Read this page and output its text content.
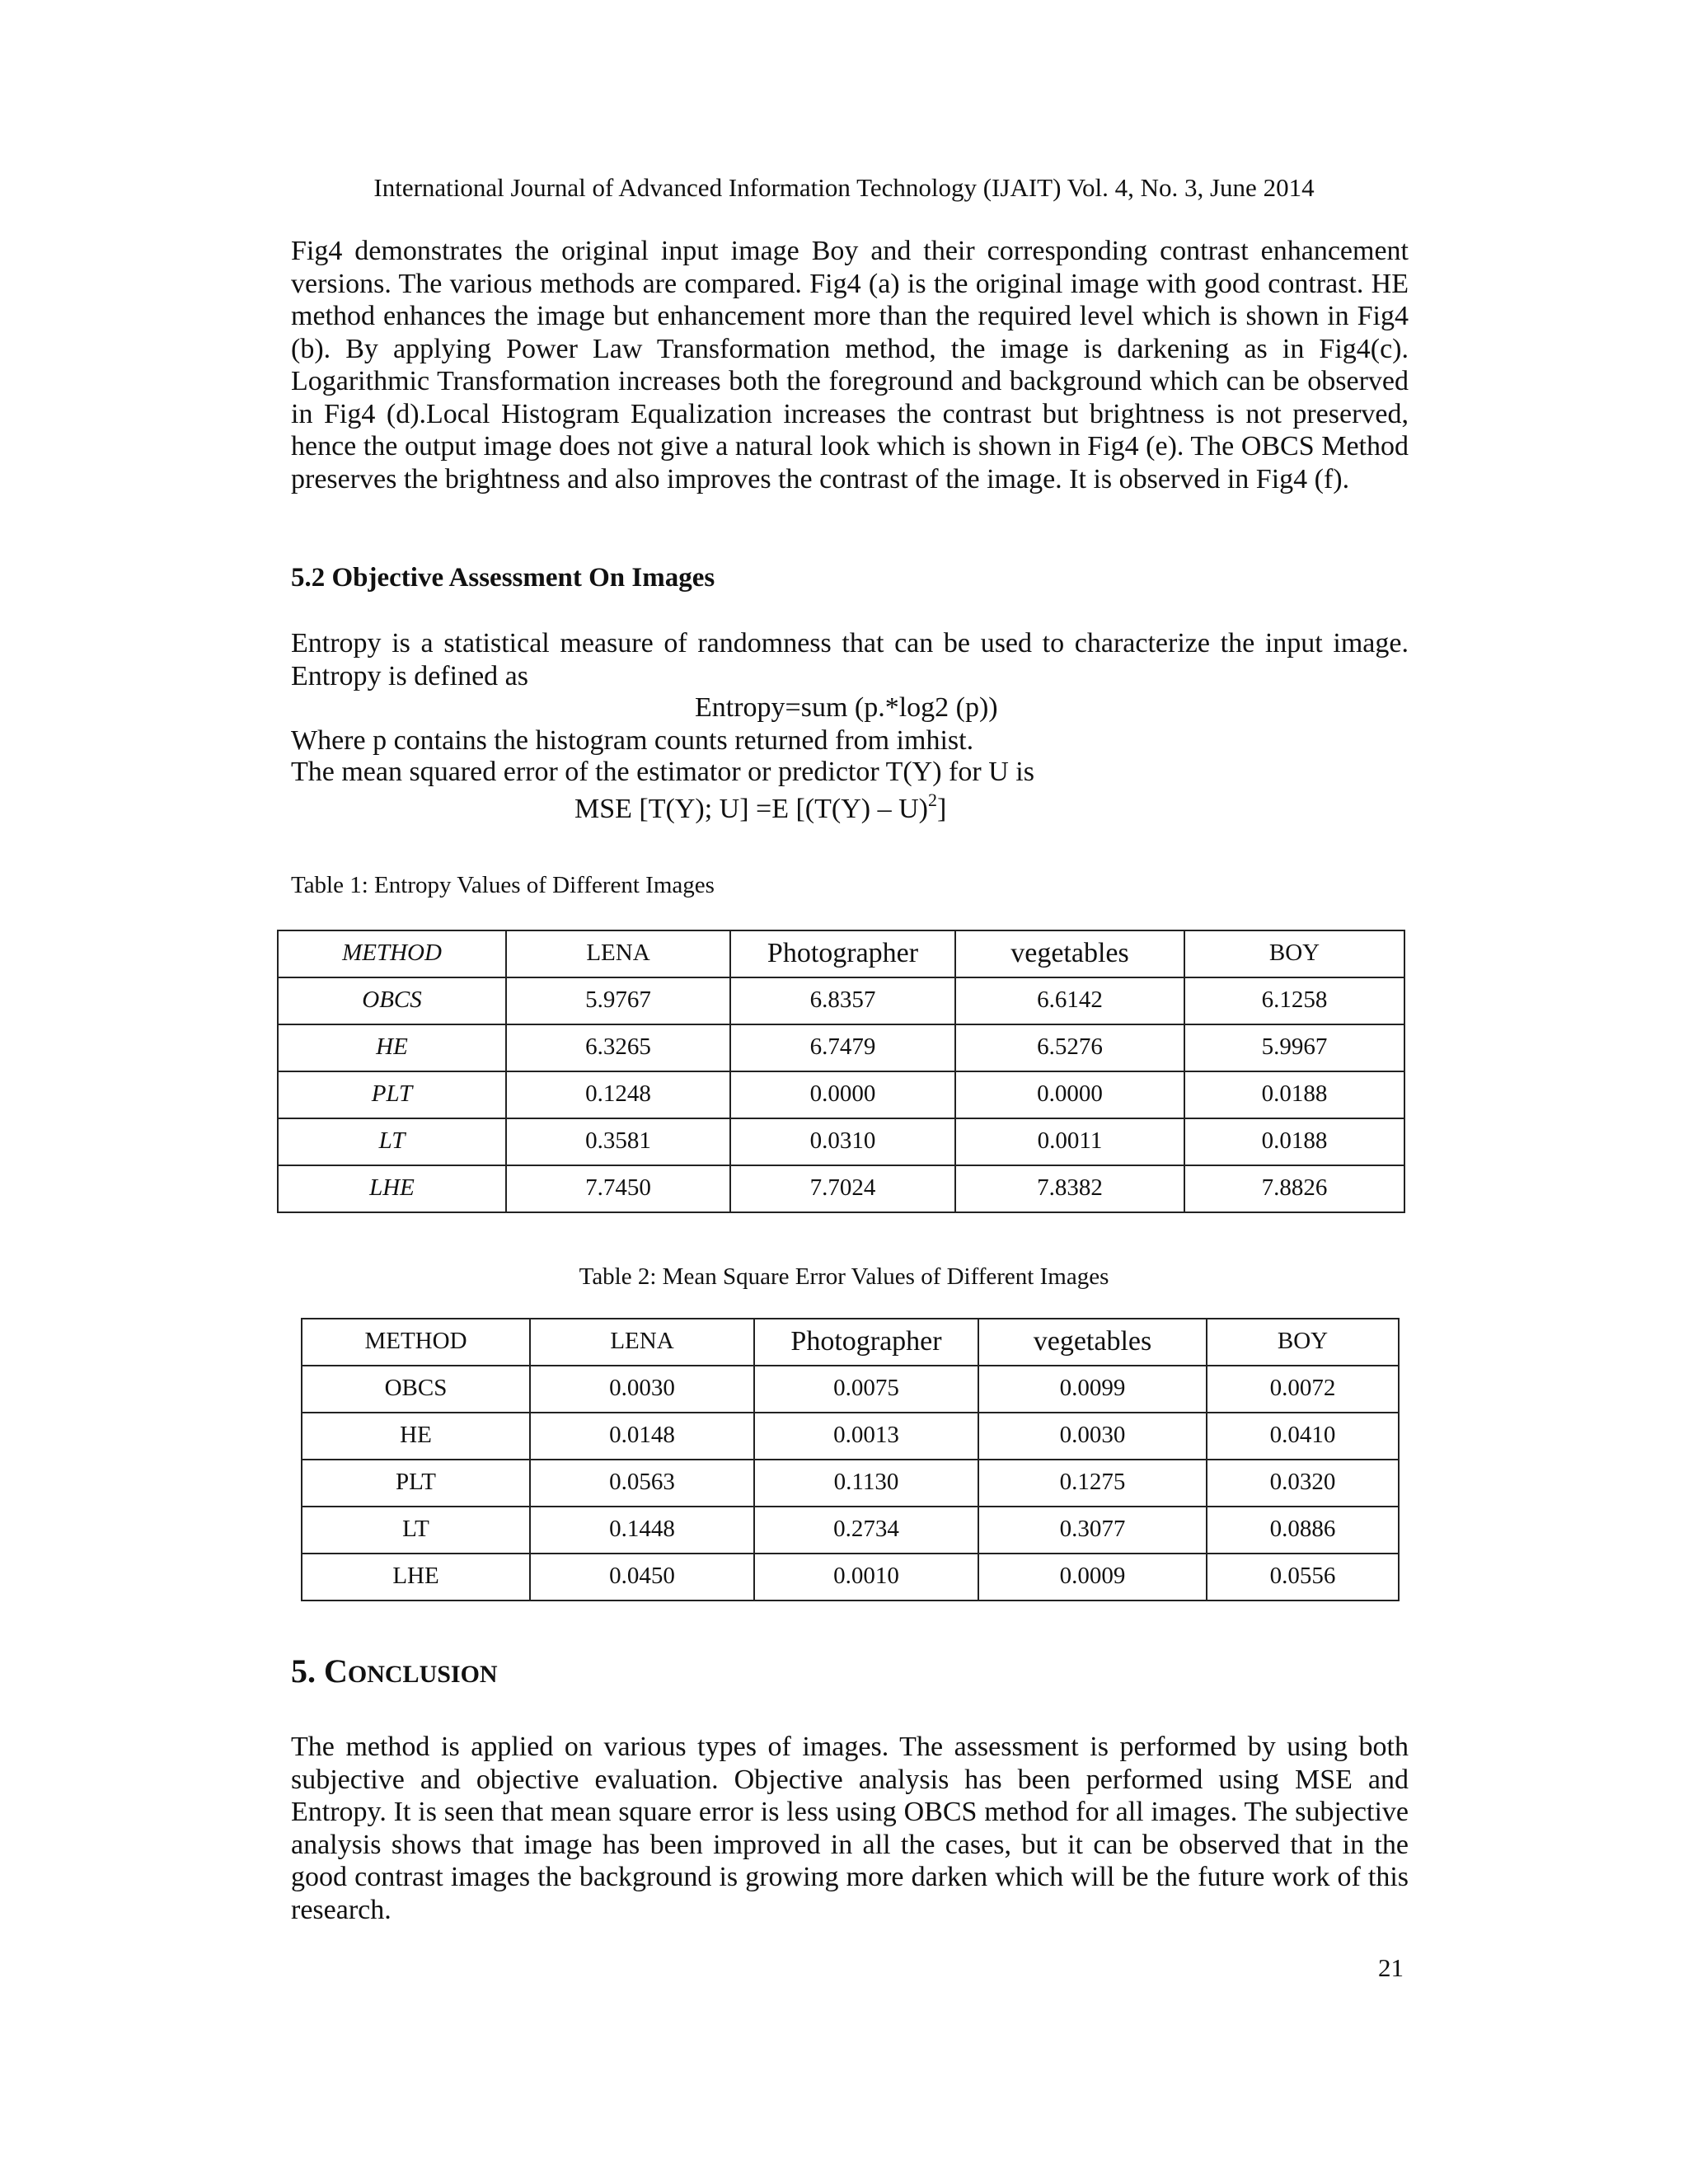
International Journal of Advanced Information Technology (IJAIT) Vol. 4, No. 3, June 2014
Fig4 demonstrates the original input image Boy and their corresponding contrast enhancement versions. The various methods are compared. Fig4 (a) is the original image with good contrast. HE method enhances the image but enhancement more than the required level which is shown in Fig4 (b). By applying Power Law Transformation method, the image is darkening as in Fig4(c). Logarithmic Transformation increases both the foreground and background which can be observed in Fig4 (d).Local Histogram Equalization increases the contrast but brightness is not preserved, hence the output image does not give a natural look which is shown in Fig4 (e). The OBCS Method preserves the brightness and also improves the contrast of the image. It is observed in Fig4 (f).
5.2 Objective Assessment On Images
Entropy is a statistical measure of randomness that can be used to characterize the input image. Entropy is defined as
Entropy=sum (p.*log2 (p))
Where p contains the histogram counts returned from imhist.
The mean squared error of the estimator or predictor T(Y) for U is
MSE [T(Y); U] =E [(T(Y) – U)$^2$]
Table 1: Entropy Values of Different Images
METHOD	LENA	Photographer	vegetables	BOY
OBCS	5.9767	6.8357	6.6142	6.1258
HE	6.3265	6.7479	6.5276	5.9967
PLT	0.1248	0.0000	0.0000	0.0188
LT	0.3581	0.0310	0.0011	0.0188
LHE	7.7450	7.7024	7.8382	7.8826
Table 2: Mean Square Error Values of Different Images
METHOD	LENA	Photographer	vegetables	BOY
OBCS	0.0030	0.0075	0.0099	0.0072
HE	0.0148	0.0013	0.0030	0.0410
PLT	0.0563	0.1130	0.1275	0.0320
LT	0.1448	0.2734	0.3077	0.0886
LHE	0.0450	0.0010	0.0009	0.0556
5. CONCLUSION
The method is applied on various types of images. The assessment is performed by using both subjective and objective evaluation. Objective analysis has been performed using MSE and Entropy. It is seen that mean square error is less using OBCS method for all images. The subjective analysis shows that image has been improved in all the cases, but it can be observed that in the good contrast images the background is growing more darken which will be the future work of this research.
21
